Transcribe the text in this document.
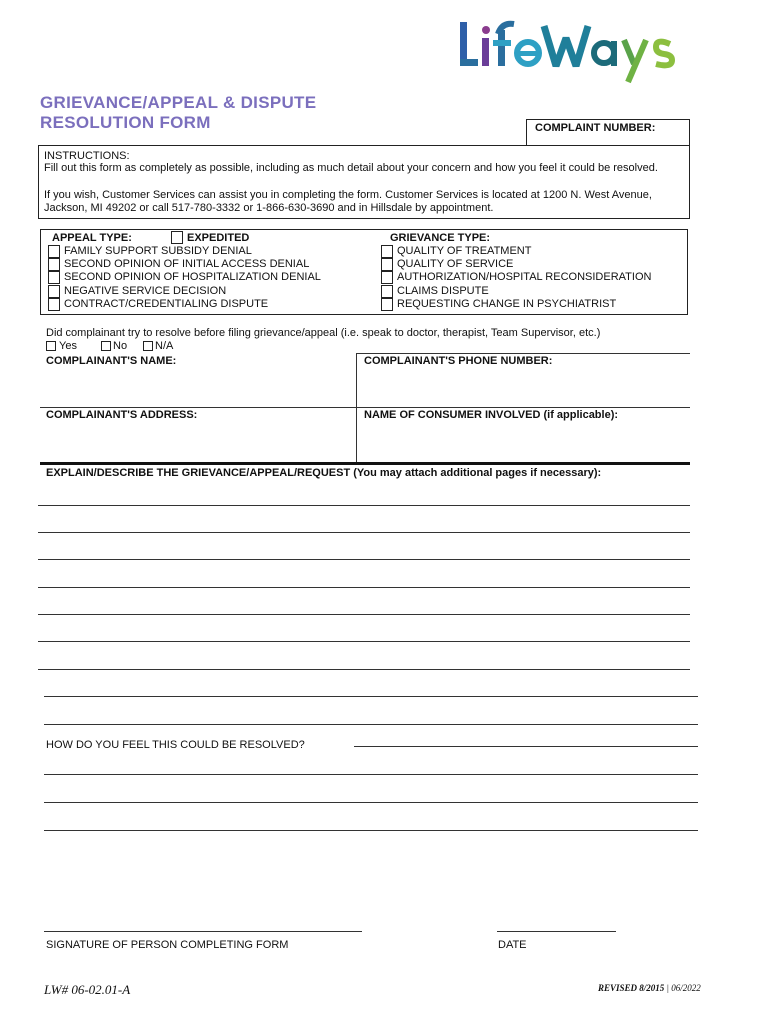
GRIEVANCE/APPEAL & DISPUTE
RESOLUTION FORM	COMPLAINT NUMBER:
INSTRUCTIONS:
Fill out this form as completely as possible, including as much detail about your concern and how you feel it could be resolved.
If you wish, Customer Services can assist you in completing the form. Customer Services is located at 1200 N. West Avenue,
Jackson, MI 49202 or call 517-780-3332 or 1-866-630-3690 and in Hillsdale by appointment.
APPEAL TYPE:	EXPEDITED
FAMILY SUPPORT SUBSIDY DENIAL
SECOND OPINION OF INITIAL ACCESS DENIAL
SECOND OPINION OF HOSPITALIZATION DENIAL
NEGATIVE SERVICE DECISION
CONTRACT/CREDENTIALING DISPUTE
GRIEVANCE TYPE:
QUALITY OF TREATMENT
QUALITY OF SERVICE
AUTHORIZATION/HOSPITAL RECONSIDERATION
CLAIMS DISPUTE
REQUESTING CHANGE IN PSYCHIATRIST
Did complainant try to resolve before filing grievance/appeal (i.e. speak to doctor, therapist, Team Supervisor, etc.)
Yes	No	N/A
COMPLAINANT'S NAME:	COMPLAINANT'S PHONE NUMBER:
COMPLAINANT'S ADDRESS:	NAME OF CONSUMER INVOLVED (if applicable):
EXPLAIN/DESCRIBE THE GRIEVANCE/APPEAL/REQUEST (You may attach additional pages if necessary):
HOW DO YOU FEEL THIS COULD BE RESOLVED?
SIGNATURE OF PERSON COMPLETING FORM	DATE
LW# 06-02.01-A	REVISED 8/2015 | 06/2022
